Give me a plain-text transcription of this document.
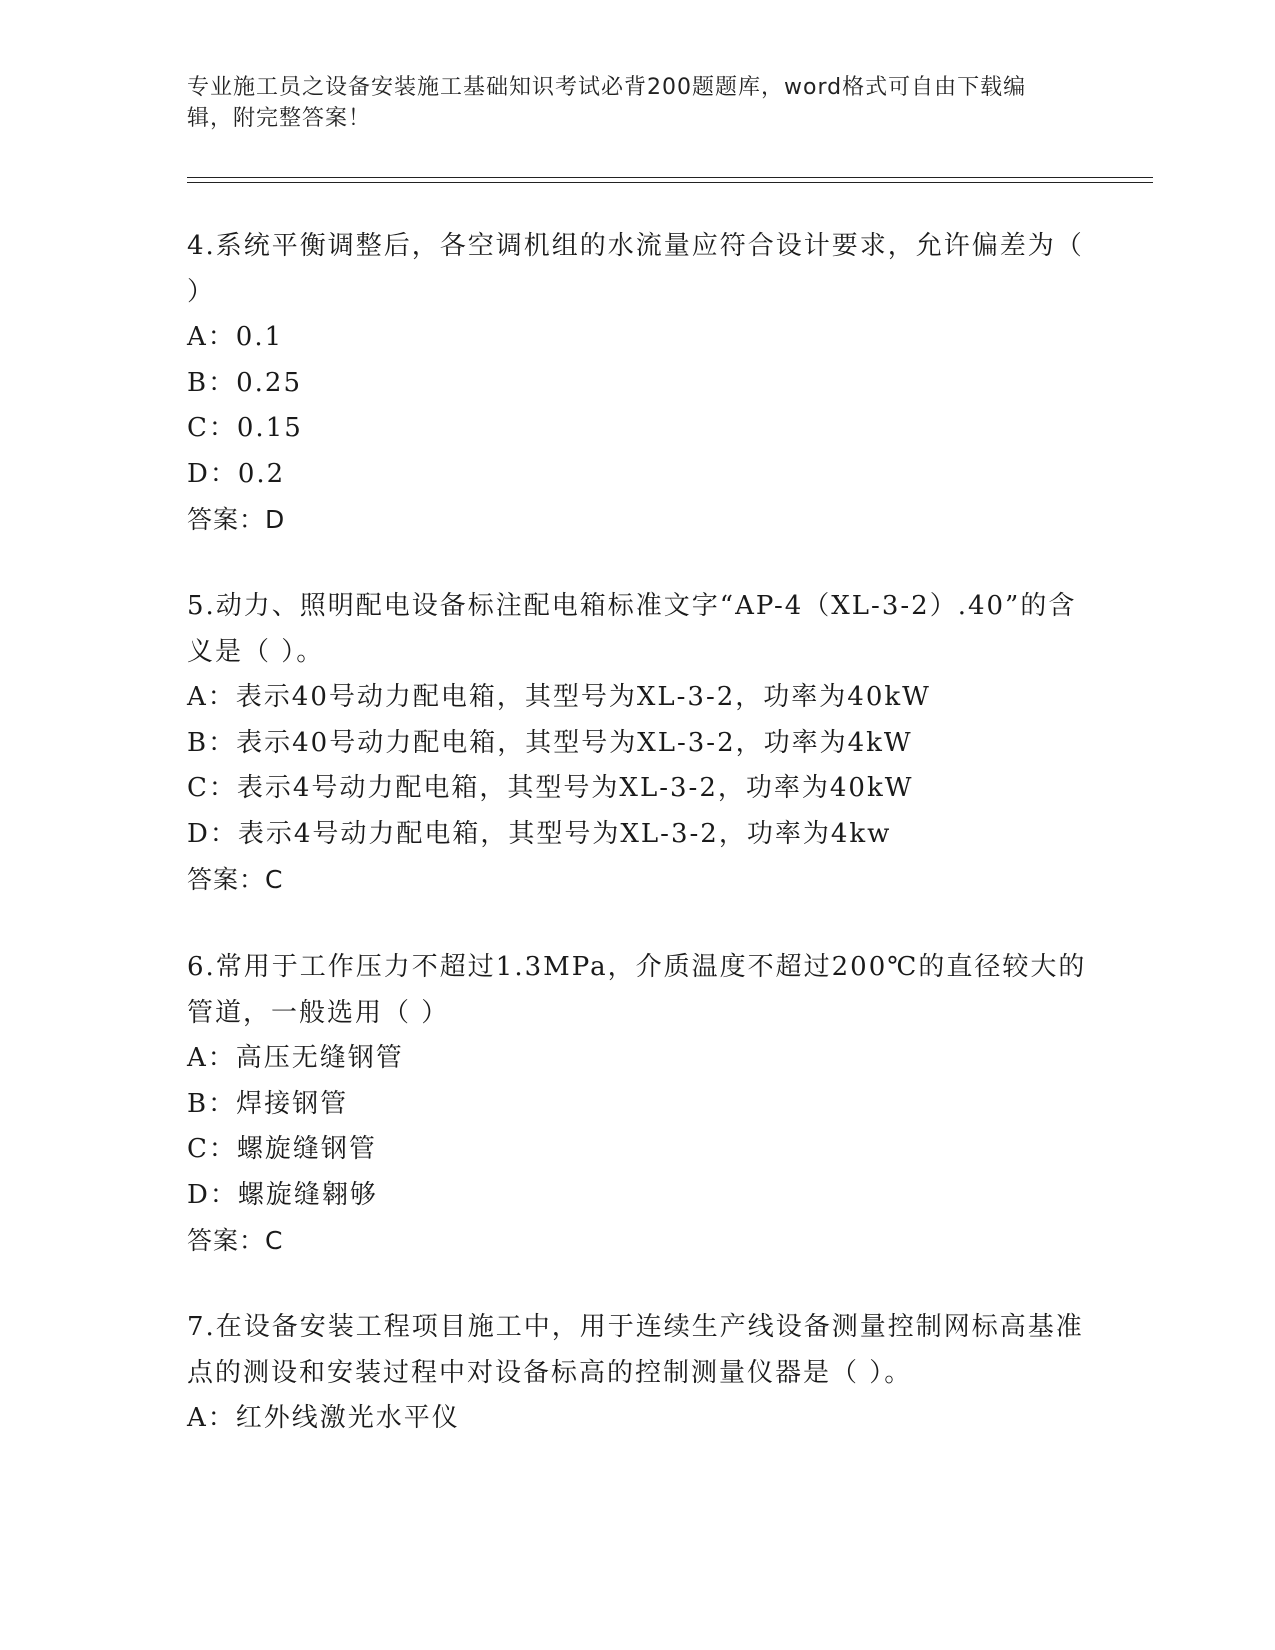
专业施工员之设备安装施工基础知识考试必背200题题库，word格式可自由下载编辑，附完整答案！

4.系统平衡调整后，各空调机组的水流量应符合设计要求，允许偏差为（ ）

A：0.1

B：0.25

C：0.15

D：0.2

答案：D

5.动力、照明配电设备标注配电箱标准文字“AP-4（XL-3-2）.40”的含义是（ ）。

A：表示40号动力配电箱，其型号为XL-3-2，功率为40kW

B：表示40号动力配电箱，其型号为XL-3-2，功率为4kW

C：表示4号动力配电箱，其型号为XL-3-2，功率为40kW

D：表示4号动力配电箱，其型号为XL-3-2，功率为4kw

答案：C

6.常用于工作压力不超过1.3MPa，介质温度不超过200℃的直径较大的管道，一般选用（ ）

A：高压无缝钢管

B：焊接钢管

C：螺旋缝钢管

D：螺旋缝翱够

答案：C

7.在设备安装工程项目施工中，用于连续生产线设备测量控制网标高基准点的测设和安装过程中对设备标高的控制测量仪器是（ ）。

A：红外线激光水平仪
